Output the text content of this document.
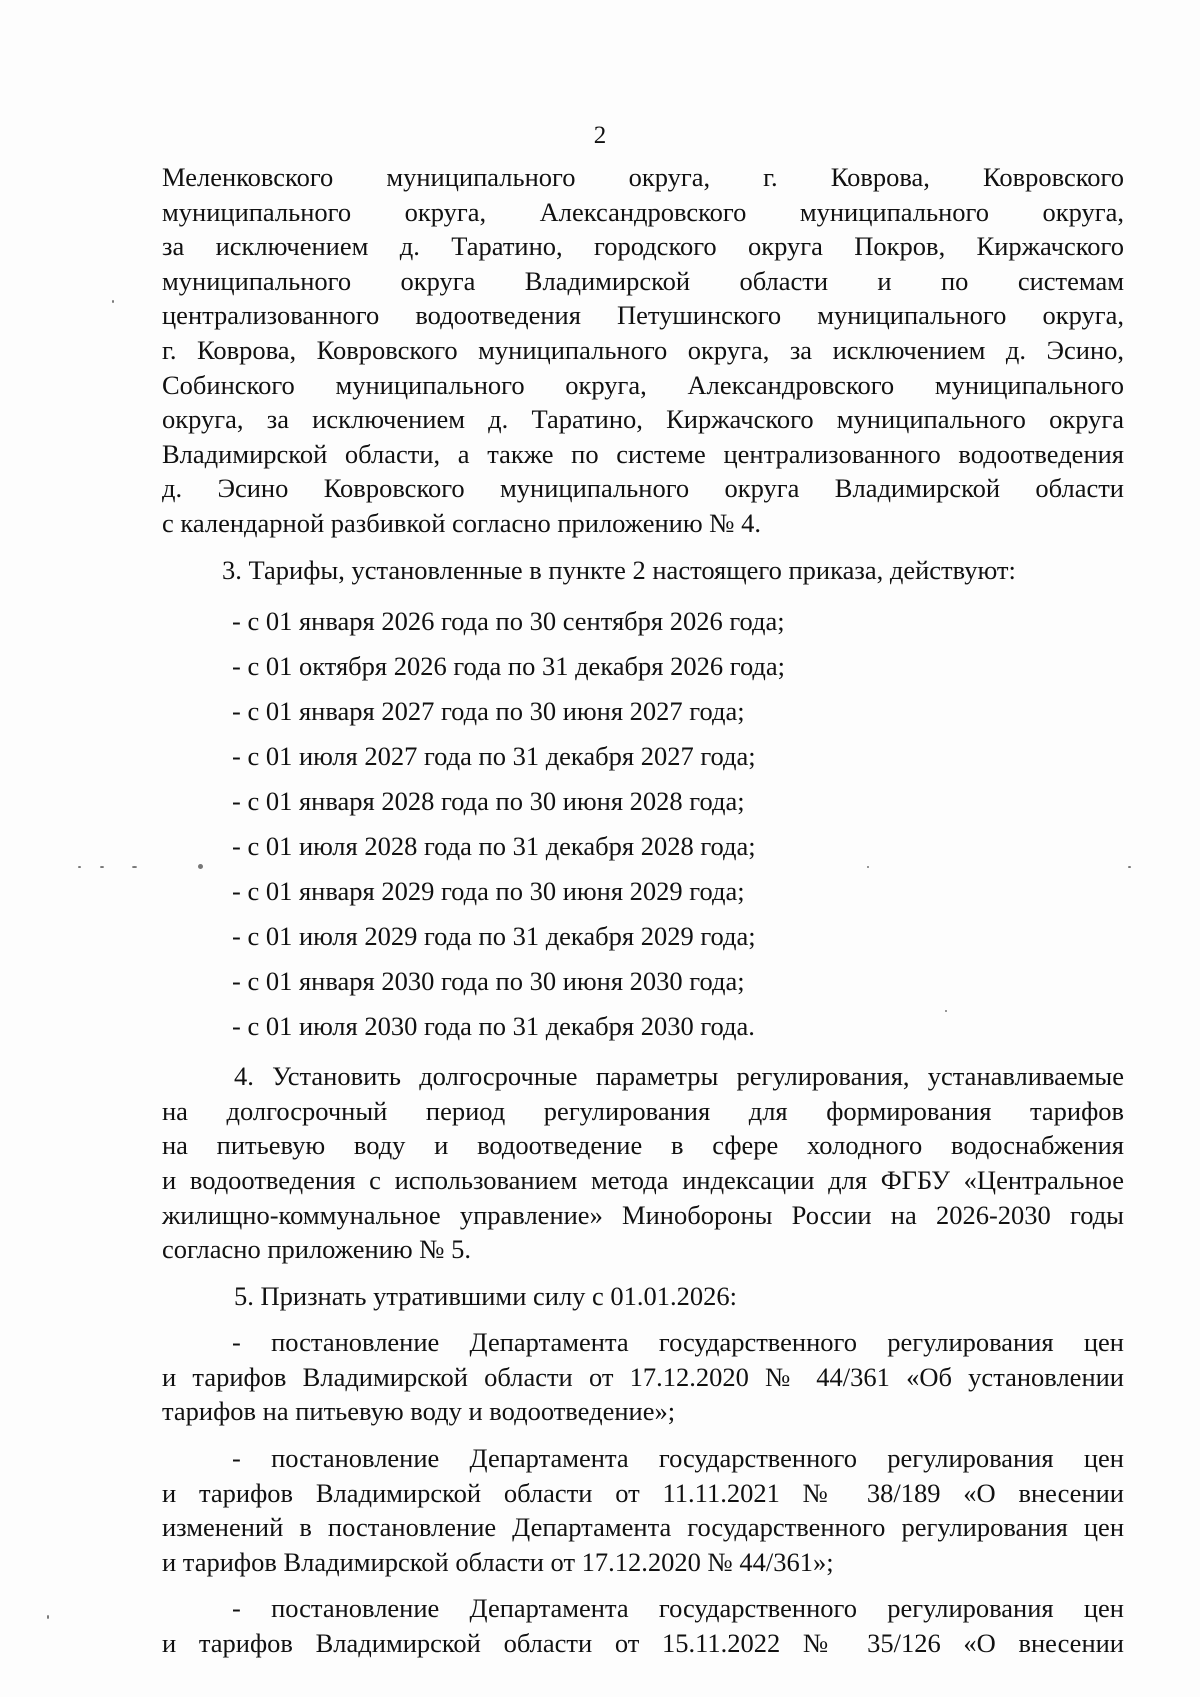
2
Меленковского муниципального округа, г. Коврова, Ковровского
муниципального округа, Александровского муниципального округа,
за исключением д. Таратино, городского округа Покров, Киржачского
муниципального округа Владимирской области и по системам
централизованного водоотведения Петушинского муниципального округа,
г. Коврова, Ковровского муниципального округа, за исключением д. Эсино,
Собинского муниципального округа, Александровского муниципального
округа, за исключением д. Таратино, Киржачского муниципального округа
Владимирской области, а также по системе централизованного водоотведения
д. Эсино Ковровского муниципального округа Владимирской области
с календарной разбивкой согласно приложению № 4.
3. Тарифы, установленные в пункте 2 настоящего приказа, действуют:
- с 01 января 2026 года по 30 сентября 2026 года;
- с 01 октября 2026 года по 31 декабря 2026 года;
- с 01 января 2027 года по 30 июня 2027 года;
- с 01 июля 2027 года по 31 декабря 2027 года;
- с 01 января 2028 года по 30 июня 2028 года;
- с 01 июля 2028 года по 31 декабря 2028 года;
- с 01 января 2029 года по 30 июня 2029 года;
- с 01 июля 2029 года по 31 декабря 2029 года;
- с 01 января 2030 года по 30 июня 2030 года;
- с 01 июля 2030 года по 31 декабря 2030 года.
4. Установить долгосрочные параметры регулирования, устанавливаемые
на долгосрочный период регулирования для формирования тарифов
на питьевую воду и водоотведение в сфере холодного водоснабжения
и водоотведения с использованием метода индексации для ФГБУ «Центральное
жилищно-коммунальное управление» Минобороны России на 2026-2030 годы
согласно приложению № 5.
5. Признать утратившими силу с 01.01.2026:
- постановление Департамента государственного регулирования цен
и тарифов Владимирской области от 17.12.2020 № 44/361 «Об установлении
тарифов на питьевую воду и водоотведение»;
- постановление Департамента государственного регулирования цен
и тарифов Владимирской области от 11.11.2021 № 38/189 «О внесении
изменений в постановление Департамента государственного регулирования цен
и тарифов Владимирской области от 17.12.2020 № 44/361»;
- постановление Департамента государственного регулирования цен
и тарифов Владимирской области от 15.11.2022 № 35/126 «О внесении
